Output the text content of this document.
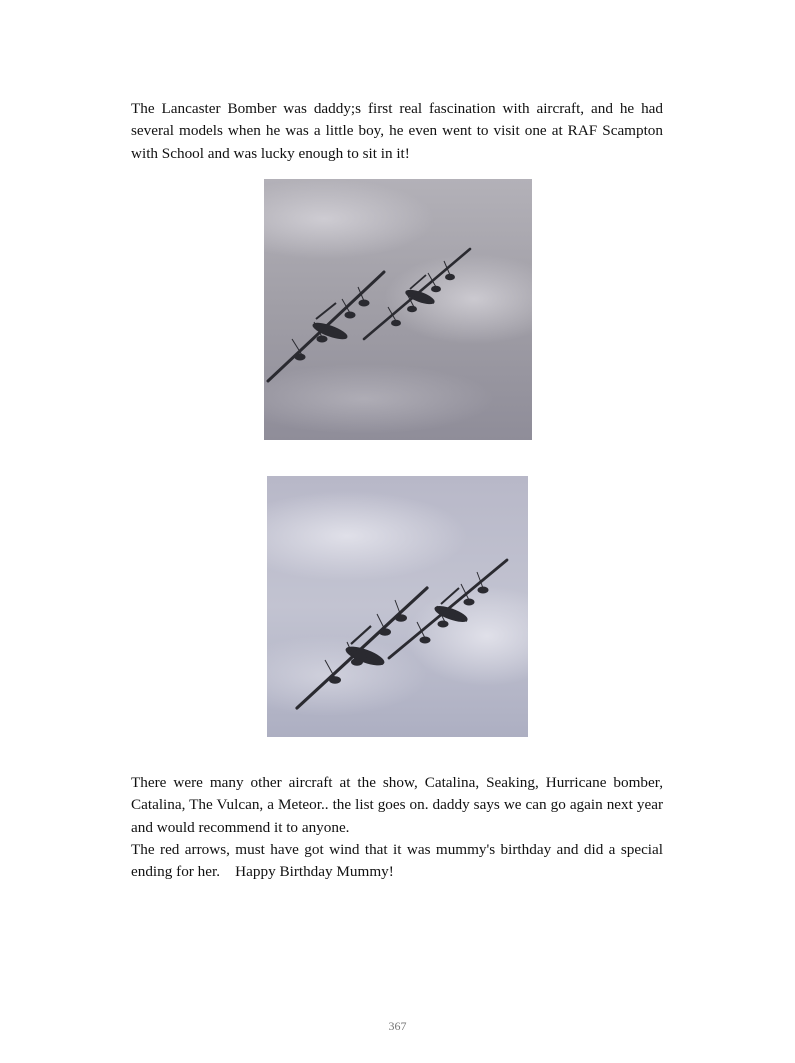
The Lancaster Bomber was daddy;s first real fascination with aircraft, and he had several models when he was a little boy, he even went to visit one at RAF Scampton with School and was lucky enough to sit in it!

There were many other aircraft at the show, Catalina, Seaking, Hurricane bomber, Catalina, The Vulcan, a Meteor.. the list goes on. daddy says we can go again next year and would recommend it to anyone.

The red arrows, must have got wind that it was mummy's birthday and did a special ending for her.    Happy Birthday Mummy!

367
